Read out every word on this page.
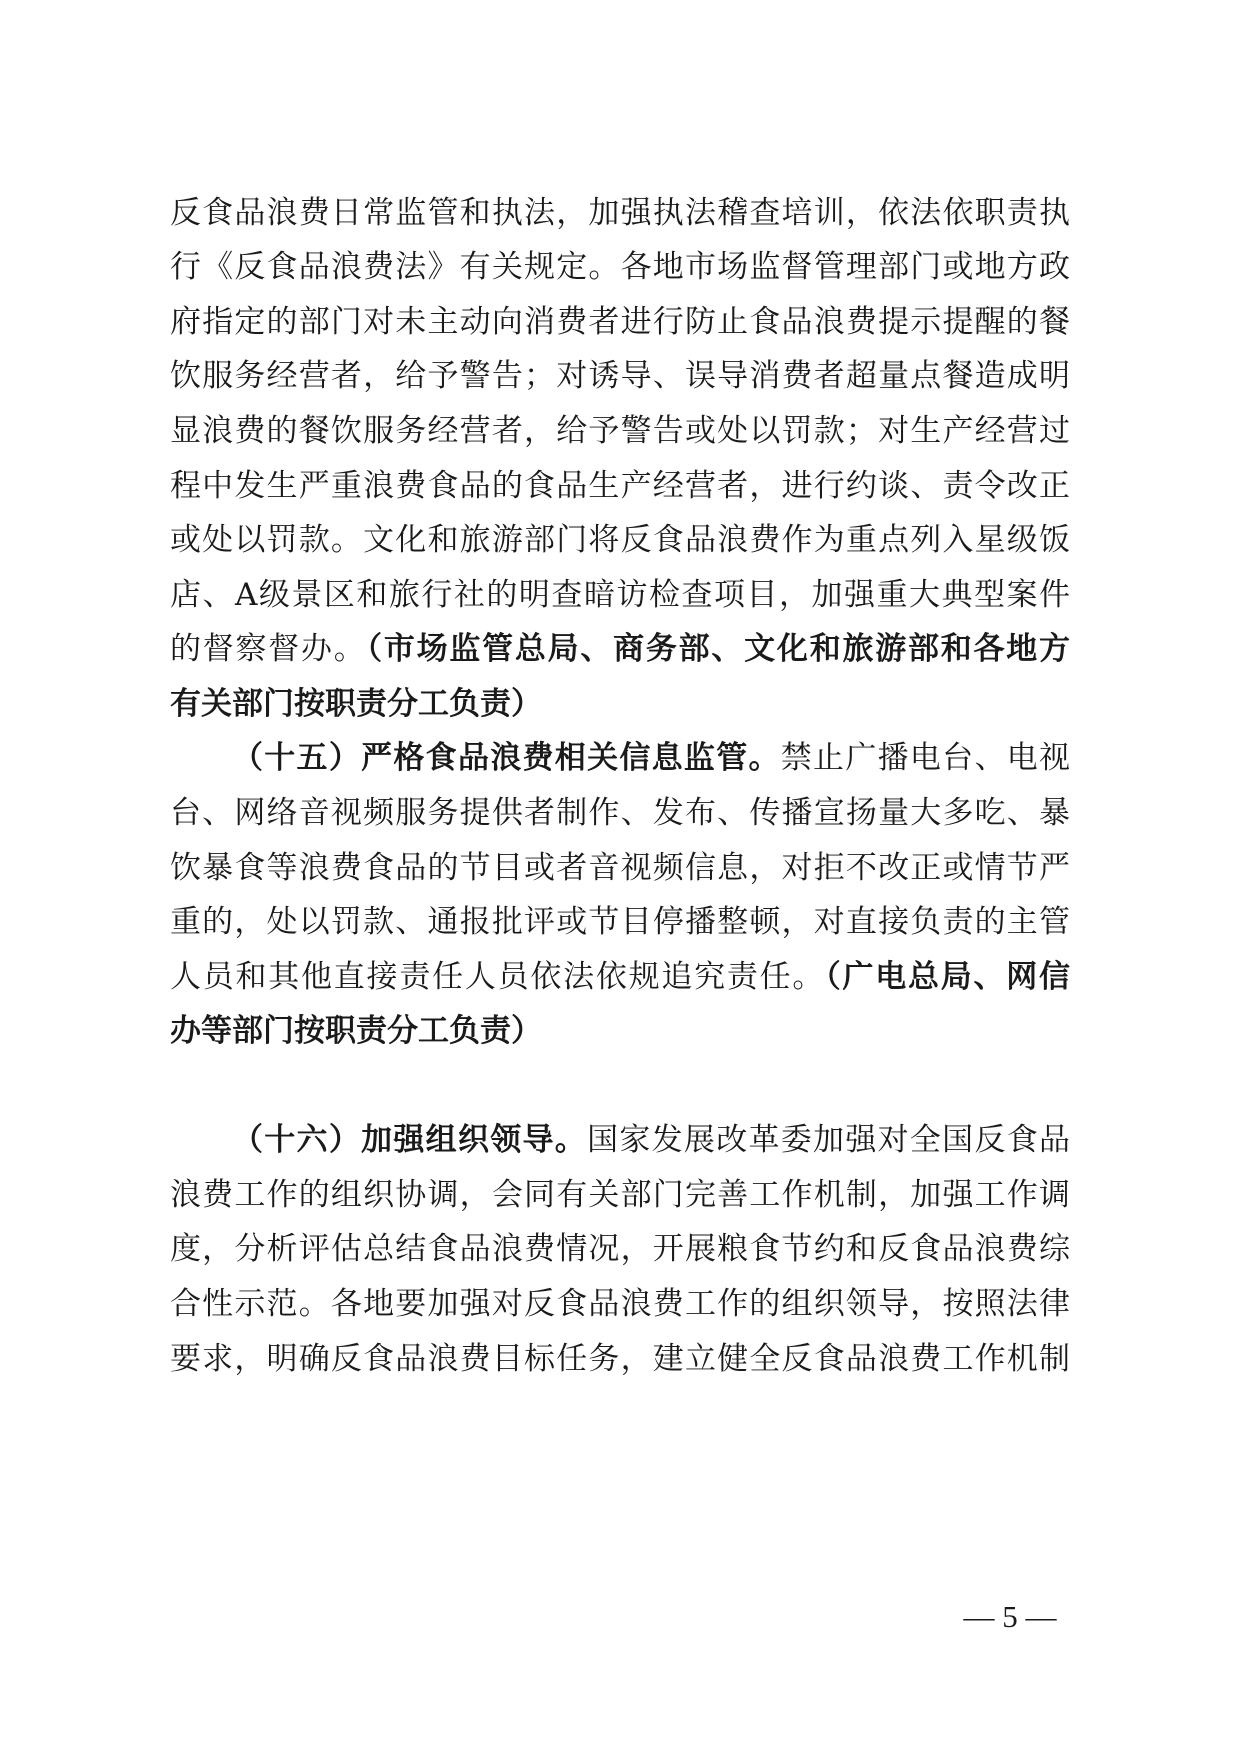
反食品浪费日常监管和执法，加强执法稽查培训，依法依职责执
行《反食品浪费法》有关规定。各地市场监督管理部门或地方政
府指定的部门对未主动向消费者进行防止食品浪费提示提醒的餐
饮服务经营者，给予警告；对诱导、误导消费者超量点餐造成明
显浪费的餐饮服务经营者，给予警告或处以罚款；对生产经营过
程中发生严重浪费食品的食品生产经营者，进行约谈、责令改正
或处以罚款。文化和旅游部门将反食品浪费作为重点列入星级饭
店、A级景区和旅行社的明查暗访检查项目，加强重大典型案件
的督察督办。（市场监管总局、商务部、文化和旅游部和各地方
有关部门按职责分工负责）
（十五）严格食品浪费相关信息监管。禁止广播电台、电视
台、网络音视频服务提供者制作、发布、传播宣扬量大多吃、暴
饮暴食等浪费食品的节目或者音视频信息，对拒不改正或情节严
重的，处以罚款、通报批评或节目停播整顿，对直接负责的主管
人员和其他直接责任人员依法依规追究责任。（广电总局、网信
办等部门按职责分工负责）
（十六）加强组织领导。国家发展改革委加强对全国反食品
浪费工作的组织协调，会同有关部门完善工作机制，加强工作调
度，分析评估总结食品浪费情况，开展粮食节约和反食品浪费综
合性示范。各地要加强对反食品浪费工作的组织领导，按照法律
要求，明确反食品浪费目标任务，建立健全反食品浪费工作机制
— 5 —
